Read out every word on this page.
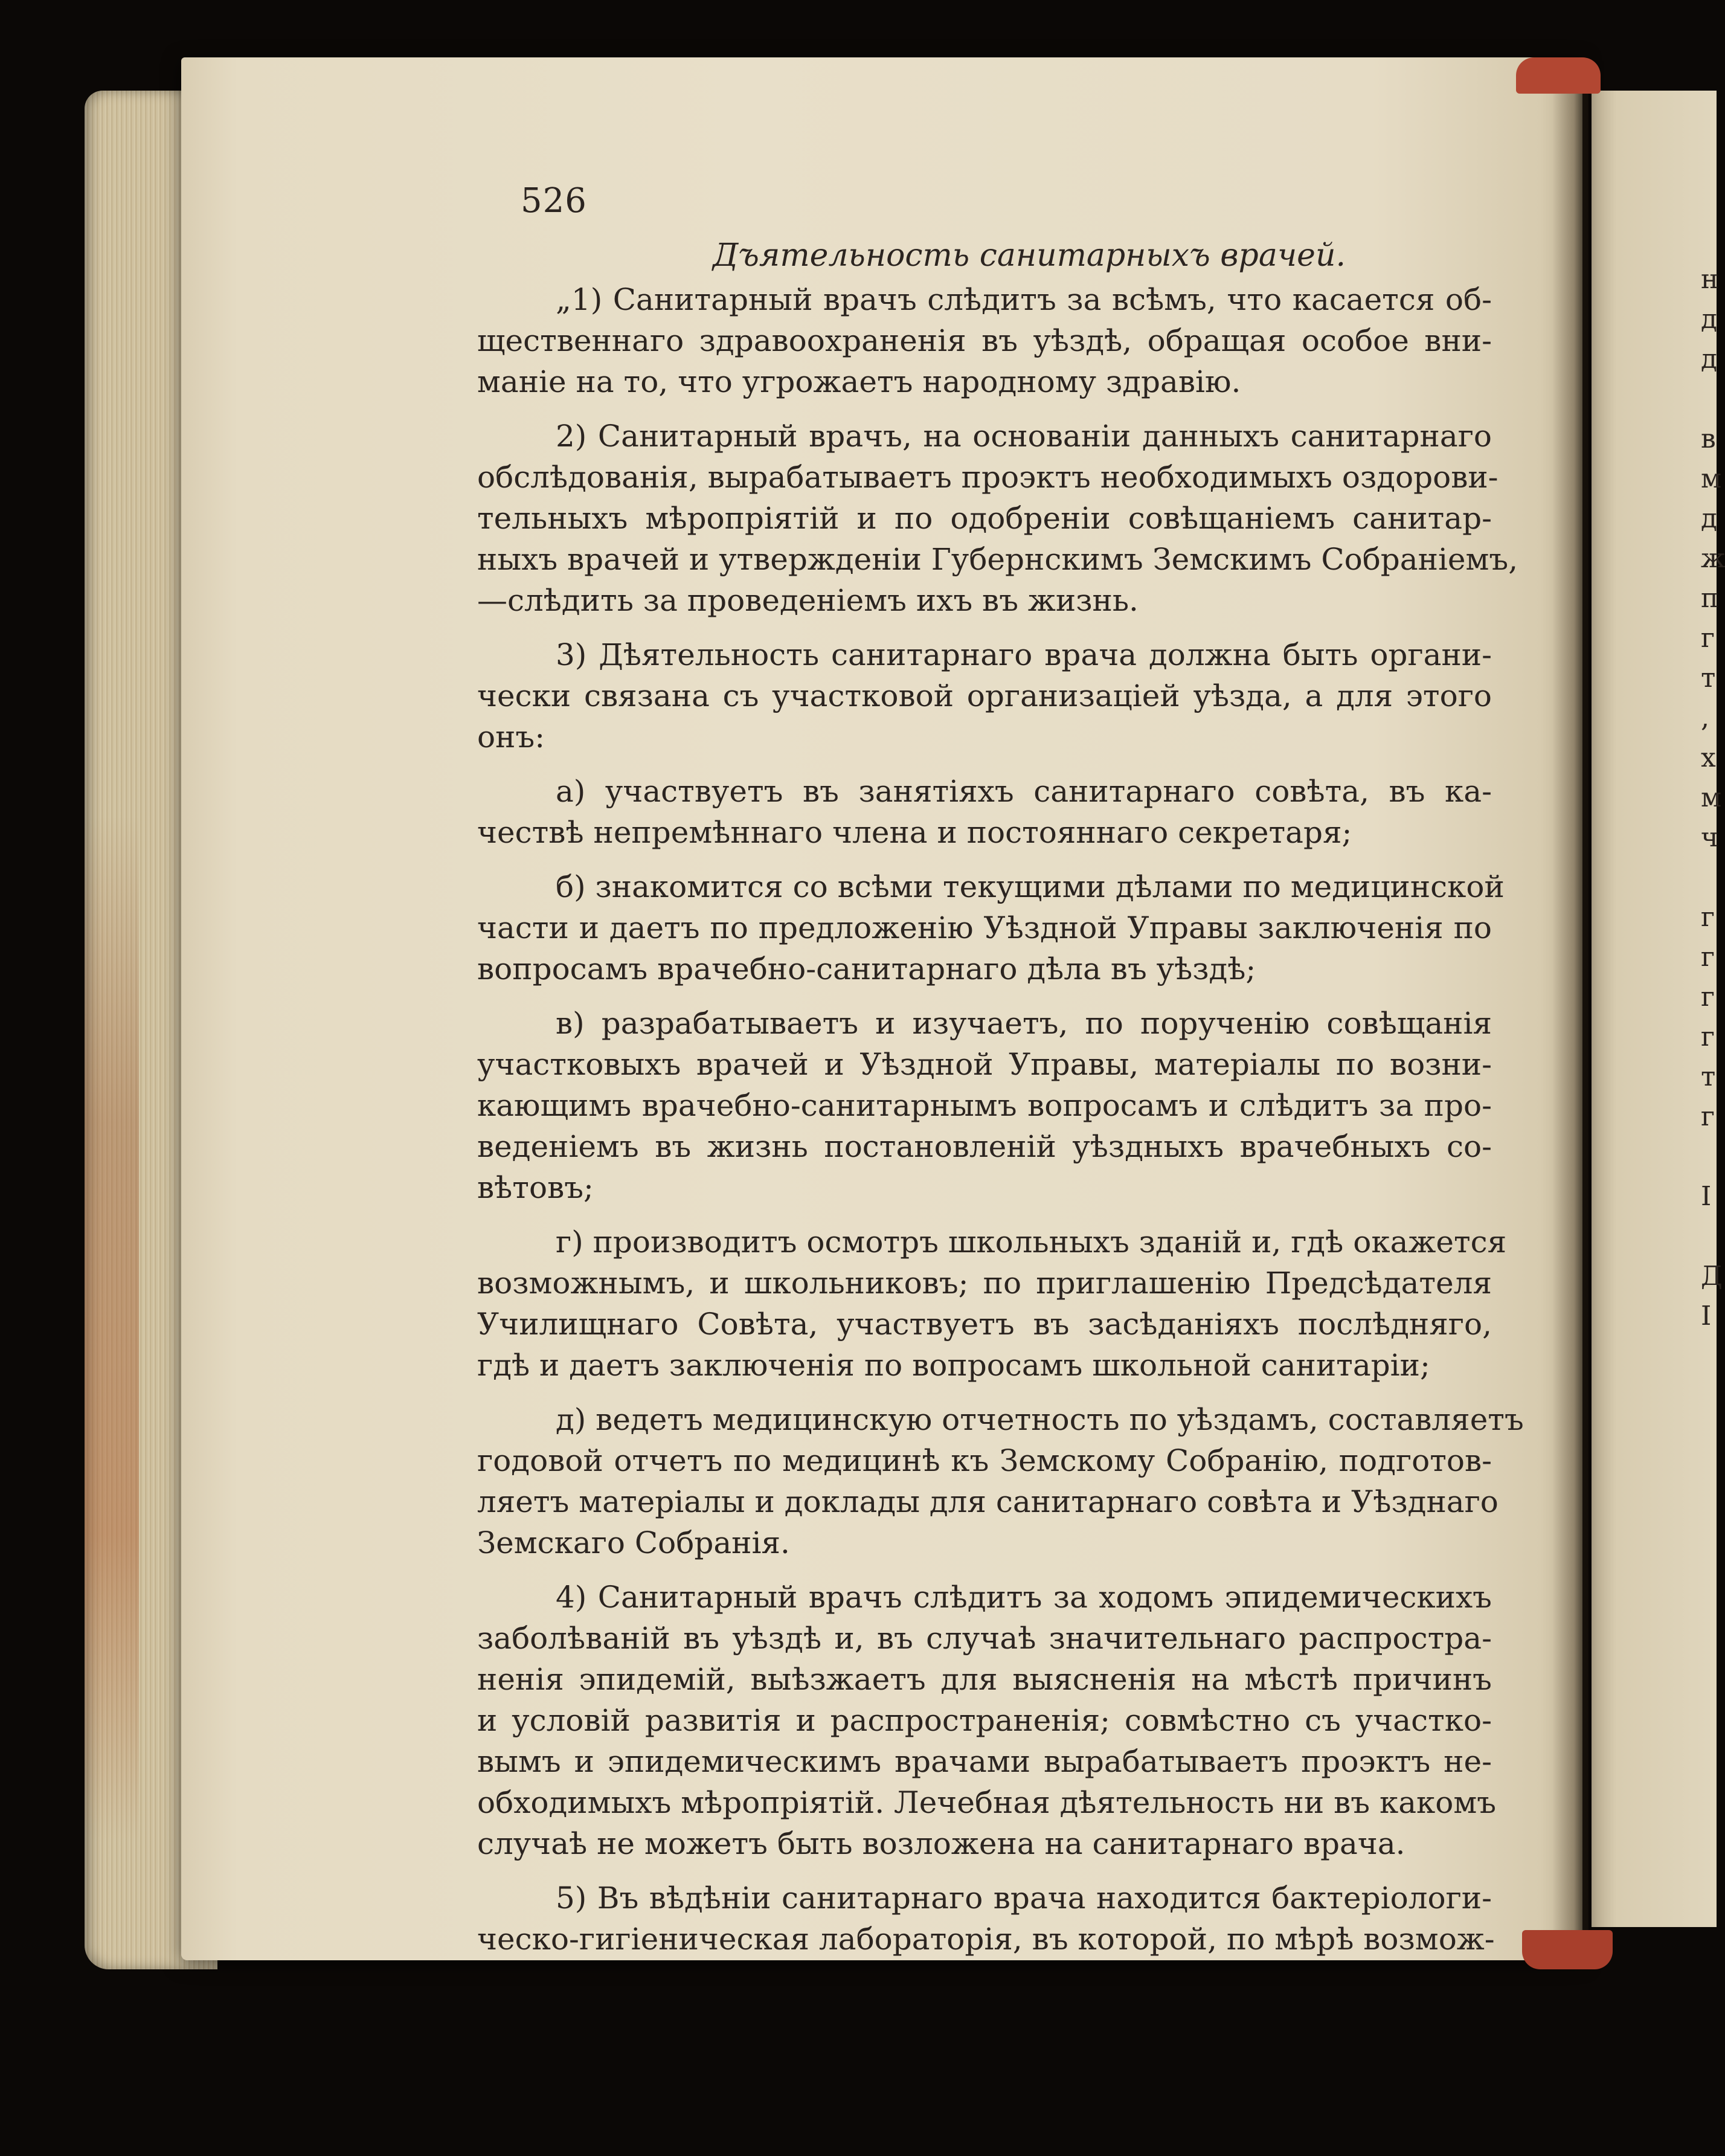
526
Дъятельность санитарныхъ врачей.
„1) Санитарный врачъ слѣдитъ за всѣмъ, что касается об-
щественнаго здравоохраненія въ уѣздѣ, обращая особое вни-
маніе на то, что угрожаетъ народному здравію.
2) Санитарный врачъ, на основаніи данныхъ санитарнаго
обслѣдованія, вырабатываетъ проэктъ необходимыхъ оздорови-
тельныхъ мѣропріятій и по одобреніи совѣщаніемъ санитар-
ныхъ врачей и утвержденіи Губернскимъ Земскимъ Собраніемъ,
—слѣдить за проведеніемъ ихъ въ жизнь.
3) Дѣятельность санитарнаго врача должна быть органи-
чески связана съ участковой организаціей уѣзда, а для этого
онъ:
а) участвуетъ въ занятіяхъ санитарнаго совѣта, въ ка-
чествѣ непремѣннаго члена и постояннаго секретаря;
б) знакомится со всѣми текущими дѣлами по медицинской
части и даетъ по предложенію Уѣздной Управы заключенія по
вопросамъ врачебно-санитарнаго дѣла въ уѣздѣ;
в) разрабатываетъ и изучаетъ, по порученію совѣщанія
участковыхъ врачей и Уѣздной Управы, матеріалы по возни-
кающимъ врачебно-санитарнымъ вопросамъ и слѣдитъ за про-
веденіемъ въ жизнь постановленій уѣздныхъ врачебныхъ со-
вѣтовъ;
г) производитъ осмотръ школьныхъ зданій и, гдѣ окажется
возможнымъ, и школьниковъ; по приглашенію Предсѣдателя
Училищнаго Совѣта, участвуетъ въ засѣданіяхъ послѣдняго,
гдѣ и даетъ заключенія по вопросамъ школьной санитаріи;
д) ведетъ медицинскую отчетность по уѣздамъ, составляетъ
годовой отчетъ по медицинѣ къ Земскому Собранію, подготов-
ляетъ матеріалы и доклады для санитарнаго совѣта и Уѣзднаго
Земскаго Собранія.
4) Санитарный врачъ слѣдитъ за ходомъ эпидемическихъ
заболѣваній въ уѣздѣ и, въ случаѣ значительнаго распростра-
ненія эпидемій, выѣзжаетъ для выясненія на мѣстѣ причинъ
и условій развитія и распространенія; совмѣстно съ участко-
вымъ и эпидемическимъ врачами вырабатываетъ проэктъ не-
обходимыхъ мѣропріятій. Лечебная дѣятельность ни въ какомъ
случаѣ не можетъ быть возложена на санитарнаго врача.
5) Въ вѣдѣніи санитарнаго врача находится бактеріологи-
ческо-гигіеническая лабораторія, въ которой, по мѣрѣ возмож-
н
д
д

в
м
д
ж
п
г
т
,
х
м
ч

г
г
г
г
т
г

І

Д
І
